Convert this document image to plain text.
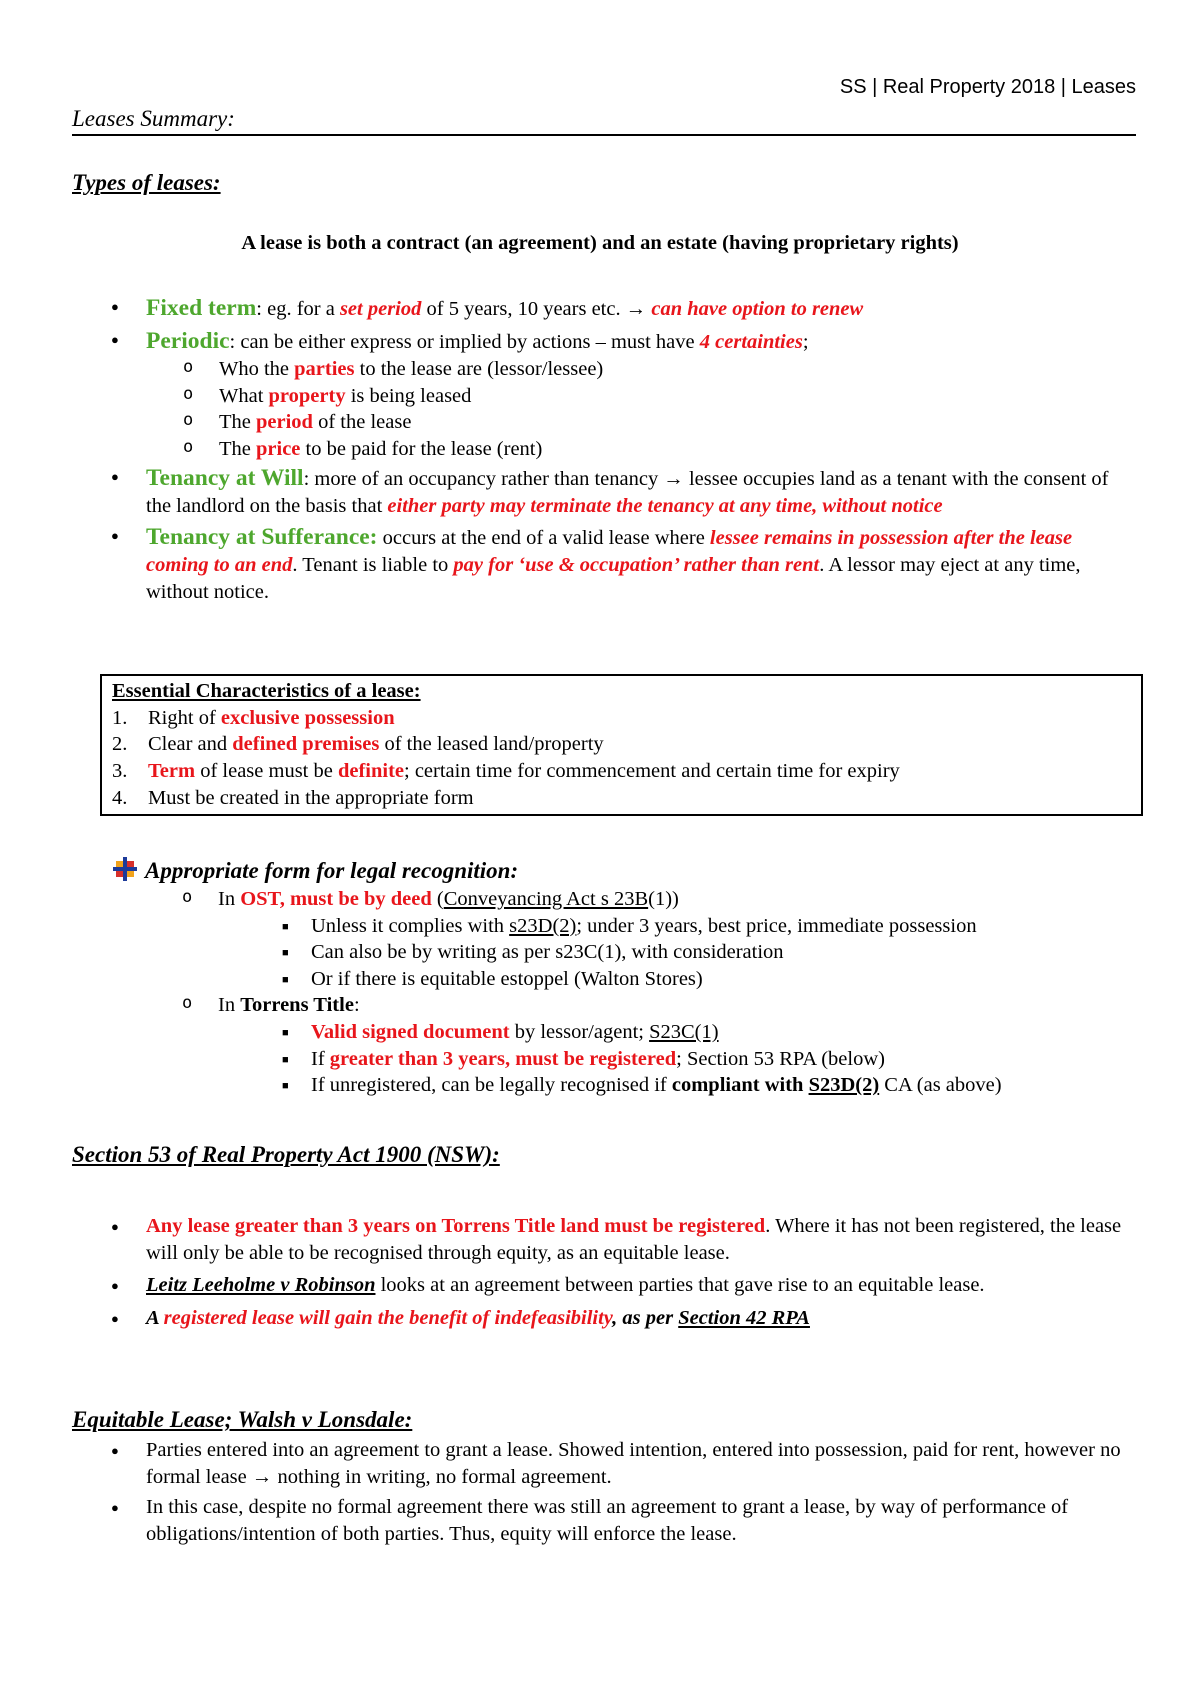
SS | Real Property 2018 | Leases
Leases Summary:
Types of leases:
A lease is both a contract (an agreement) and an estate (having proprietary rights)
● Fixed term: eg. for a set period of 5 years, 10 years etc. → can have option to renew
● Periodic: can be either express or implied by actions – must have 4 certainties;
o Who the parties to the lease are (lessor/lessee)
o What property is being leased
o The period of the lease
o The price to be paid for the lease (rent)
● Tenancy at Will: more of an occupancy rather than tenancy → lessee occupies land as a tenant with the consent of the landlord on the basis that either party may terminate the tenancy at any time, without notice
● Tenancy at Sufferance: occurs at the end of a valid lease where lessee remains in possession after the lease coming to an end. Tenant is liable to pay for ‘use & occupation’ rather than rent. A lessor may eject at any time, without notice.
Essential Characteristics of a lease:
1. Right of exclusive possession
2. Clear and defined premises of the leased land/property
3. Term of lease must be definite; certain time for commencement and certain time for expiry
4. Must be created in the appropriate form
Appropriate form for legal recognition:
o In OST, must be by deed (Conveyancing Act s 23B(1))
■ Unless it complies with s23D(2); under 3 years, best price, immediate possession
■ Can also be by writing as per s23C(1), with consideration
■ Or if there is equitable estoppel (Walton Stores)
o In Torrens Title:
■ Valid signed document by lessor/agent; S23C(1)
■ If greater than 3 years, must be registered; Section 53 RPA (below)
■ If unregistered, can be legally recognised if compliant with S23D(2) CA (as above)
Section 53 of Real Property Act 1900 (NSW):
● Any lease greater than 3 years on Torrens Title land must be registered. Where it has not been registered, the lease will only be able to be recognised through equity, as an equitable lease.
● Leitz Leeholme v Robinson looks at an agreement between parties that gave rise to an equitable lease.
● A registered lease will gain the benefit of indefeasibility, as per Section 42 RPA
Equitable Lease; Walsh v Lonsdale:
● Parties entered into an agreement to grant a lease. Showed intention, entered into possession, paid for rent, however no formal lease → nothing in writing, no formal agreement.
● In this case, despite no formal agreement there was still an agreement to grant a lease, by way of performance of obligations/intention of both parties. Thus, equity will enforce the lease.
